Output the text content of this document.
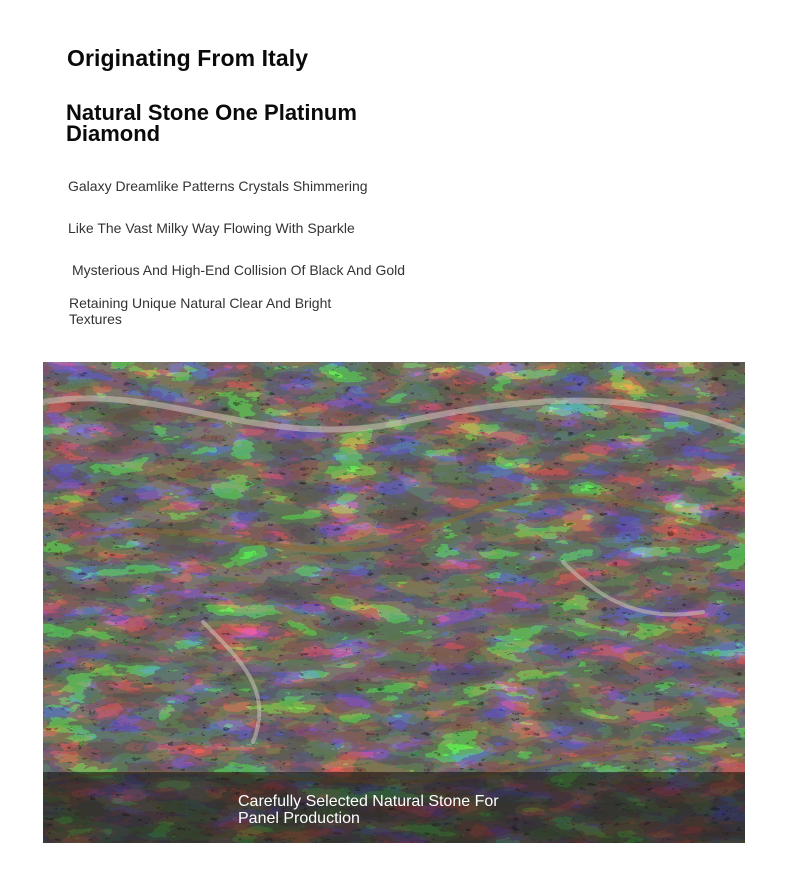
Originating From Italy
Natural Stone One Platinum Diamond

Galaxy Dreamlike Patterns Crystals Shimmering

Like The Vast Milky Way Flowing With Sparkle

Mysterious And High-End Collision Of Black And Gold

Retaining Unique Natural Clear And Bright Textures

Carefully Selected Natural Stone For Panel Production
